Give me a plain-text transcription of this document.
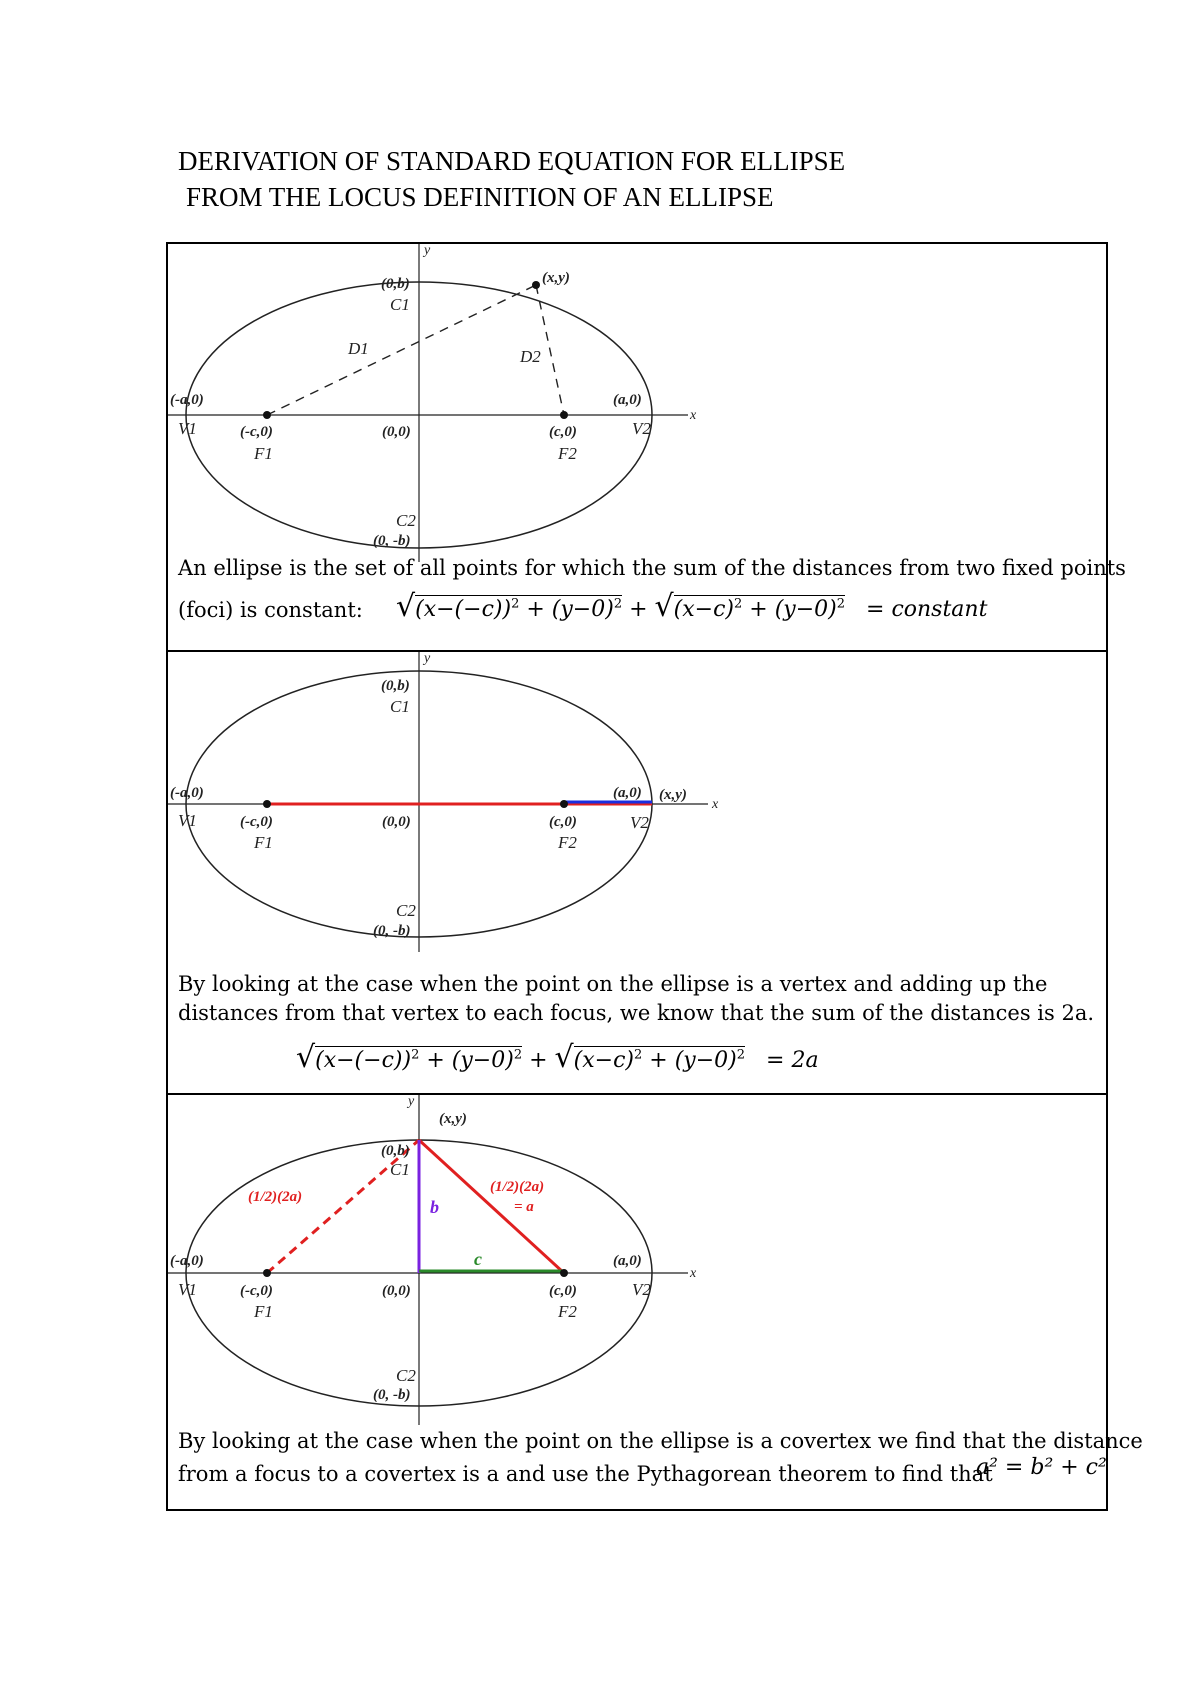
DERIVATION OF STANDARD EQUATION FOR ELLIPSE
FROM THE LOCUS DEFINITION OF AN ELLIPSE
y
x
(0,b)
C1
(x,y)
D1	D2
(-a,0)
V1
(a,0)
V2
(-c,0)
F1
(0,0)	(c,0)
F2
C2
(0, -b)
An ellipse is the set of all points for which the sum of the distances from two fixed points
(foci) is constant: $√(x-(-c))^2 + (y-0)^2 + √(x-c)^2 + (y-0)^2$ = constant
y
x
(0,b)
C1
(-a,0)
V1
(a,0) (x,y)
V2
(-c,0)
F1
(0,0)	(c,0)
F2
C2
(0, -b)
By looking at the case when the point on the ellipse is a vertex and adding up the
distances from that vertex to each focus, we know that the sum of the distances is 2a.
$√(x-(-c))^2 + (y-0)^2 + √(x-c)^2 + (y-0)^2 = 2a$
y
x
(x,y)
(0,b)
C1
(1/2)(2a)
(1/2)(2a)
= a
b
c
(-a,0)
V1
(a,0)
V2
(-c,0)
F1
(0,0)	(c,0)
F2
C2
(0, -b)
By looking at the case when the point on the ellipse is a covertex we find that the distance
from a focus to a covertex is a and use the Pythagorean theorem to find that
a² = b² + c²
